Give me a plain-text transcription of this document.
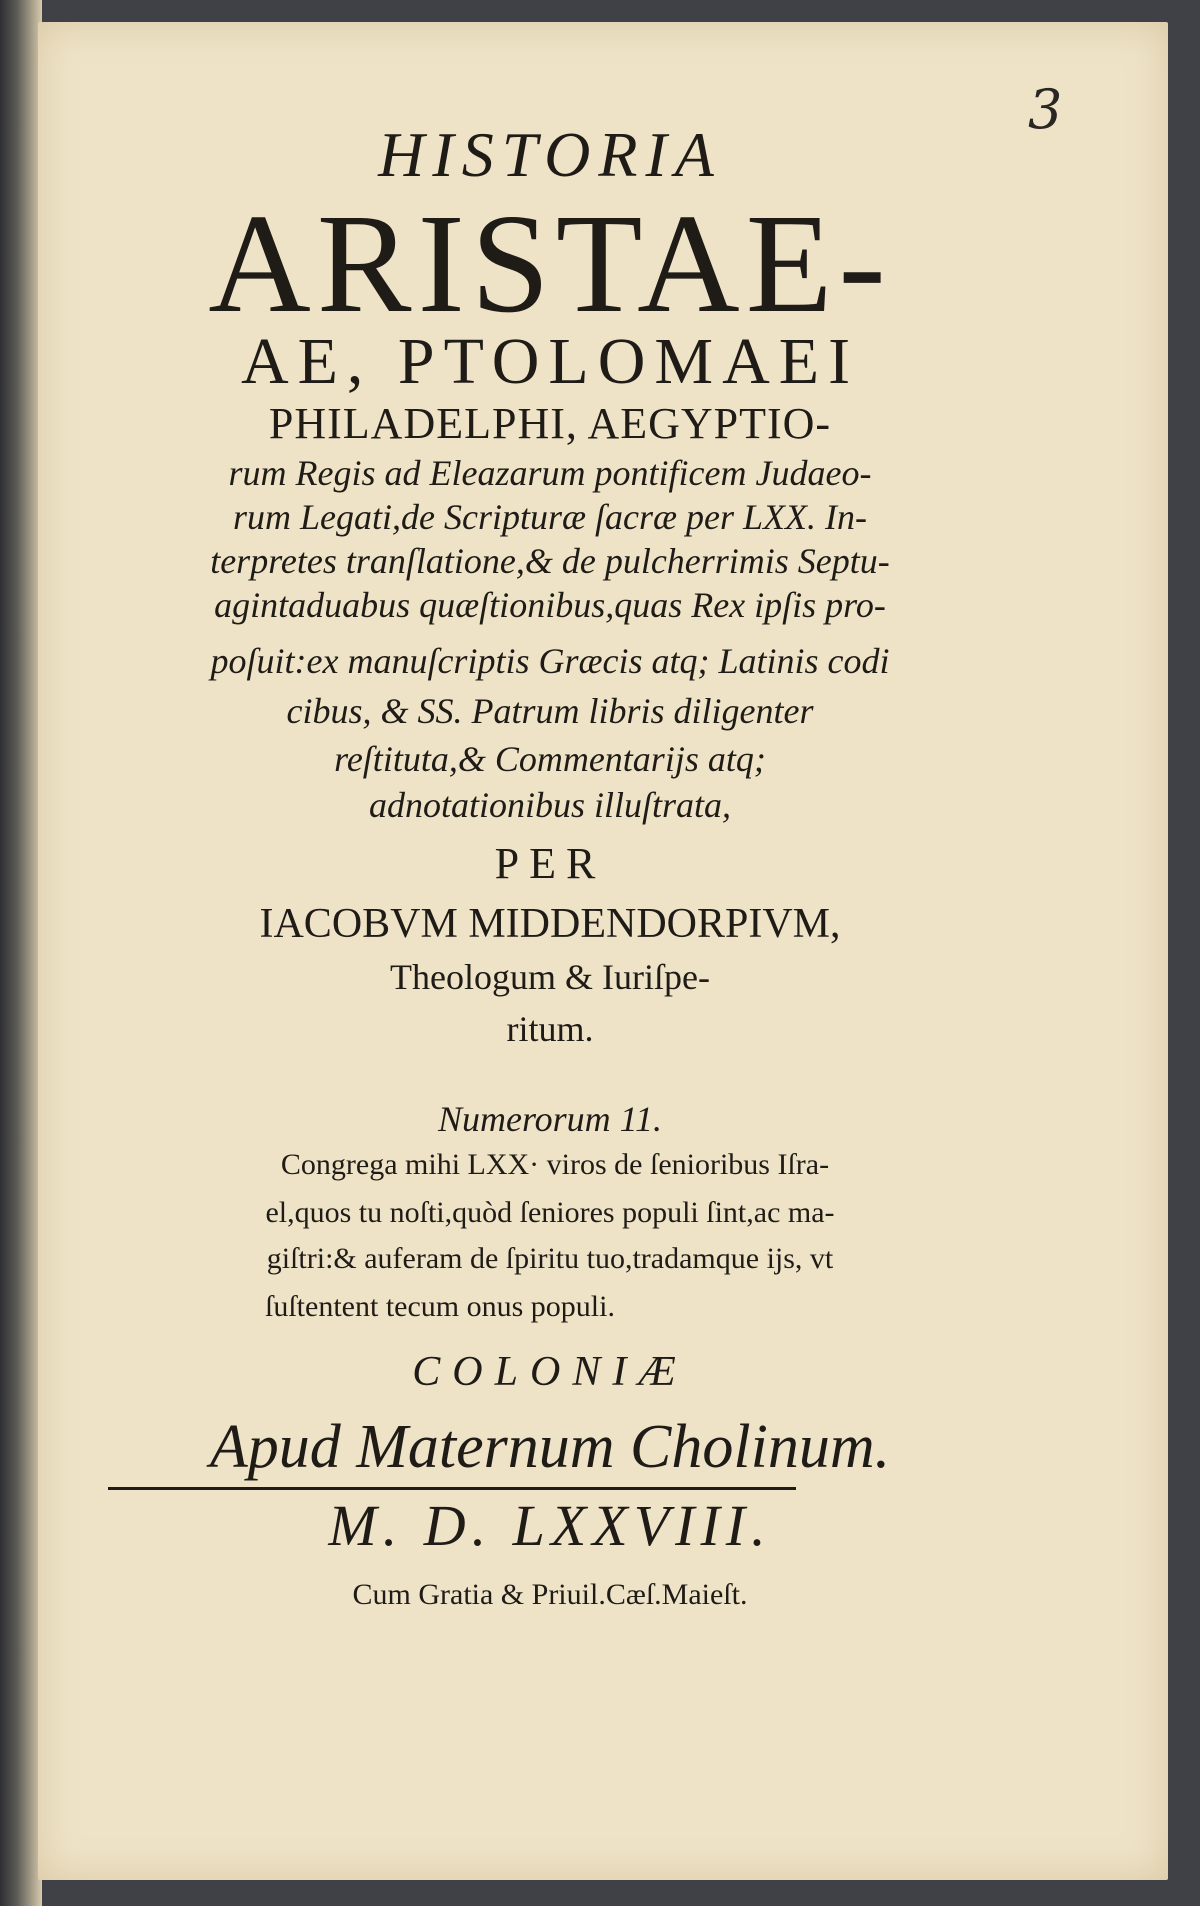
3
HISTORIA
ARISTAE-
AE, PTOLOMAEI
PHILADELPHI, AEGYPTIO-
rum Regis ad Eleazarum pontificem Judaeo-
rum Legati,de Scripturæ ſacræ per LXX. In-
terpretes tranſlatione,& de pulcherrimis Septu-
agintaduabus quæſtionibus,quas Rex ipſis pro-
poſuit:ex manuſcriptis Græcis atq; Latinis codi
cibus, & SS. Patrum libris diligenter
reſtituta,& Commentarijs atq;
adnotationibus illuſtrata,
PER
IACOBVM MIDDENDORPIVM,
Theologum & Iuriſpe-
ritum.
Numerorum 11.
Congrega mihi LXX· viros de ſenioribus Iſra-
el,quos tu noſti,quòd ſeniores populi ſint,ac ma-
giſtri:& auferam de ſpiritu tuo,tradamque ijs, vt
ſuſtentent tecum onus populi.
COLONIÆ
Apud Maternum Cholinum.
M. D. LXXVIII.
Cum Gratia & Priuil.Cæſ.Maieſt.
